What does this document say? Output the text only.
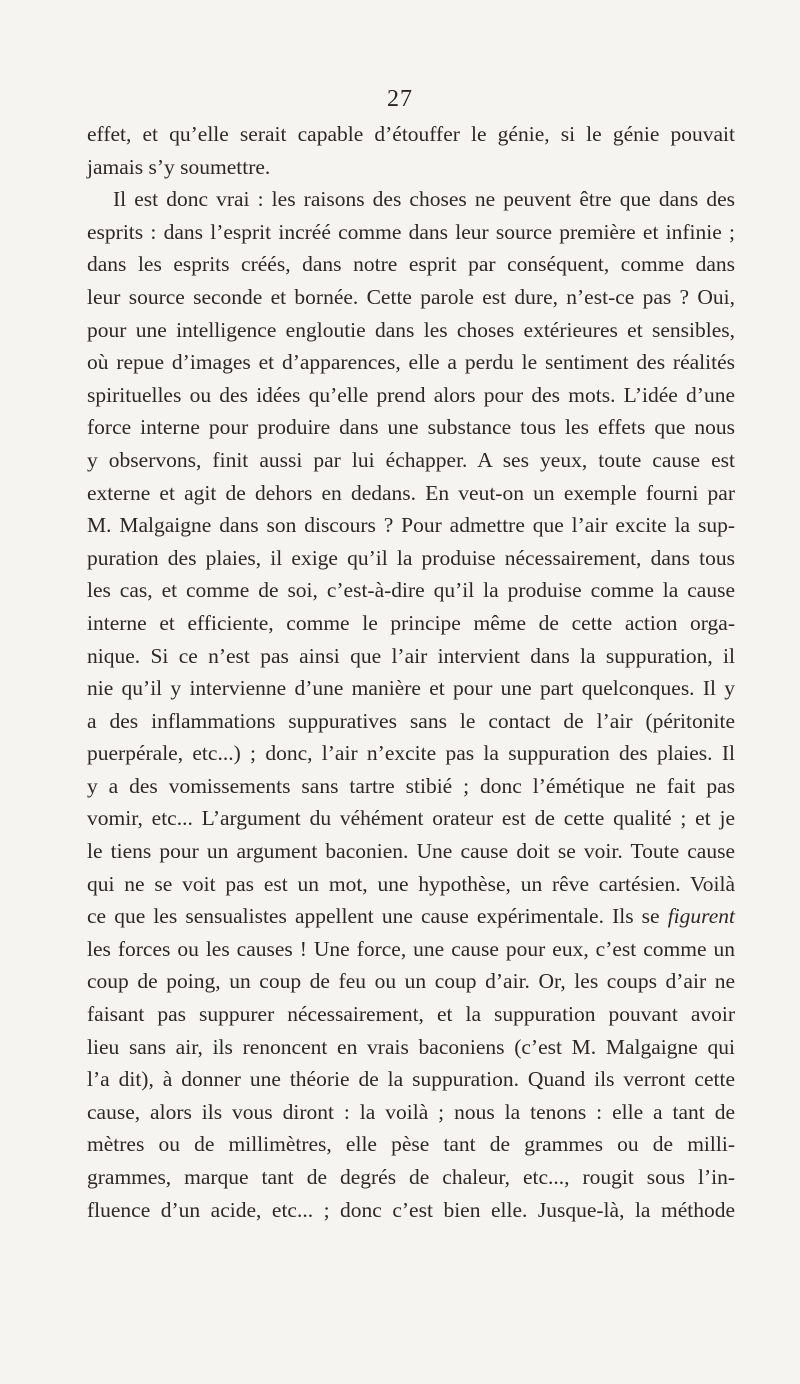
27
effet, et qu’elle serait capable d’étouffer le génie, si le génie pouvait
jamais s’y soumettre.
Il est donc vrai : les raisons des choses ne peuvent être que dans des
esprits : dans l’esprit incréé comme dans leur source première et infinie ;
dans les esprits créés, dans notre esprit par conséquent, comme dans
leur source seconde et bornée. Cette parole est dure, n’est-ce pas ? Oui,
pour une intelligence engloutie dans les choses extérieures et sensibles,
où repue d’images et d’apparences, elle a perdu le sentiment des réalités
spirituelles ou des idées qu’elle prend alors pour des mots. L’idée d’une
force interne pour produire dans une substance tous les effets que nous
y observons, finit aussi par lui échapper. A ses yeux, toute cause est
externe et agit de dehors en dedans. En veut-on un exemple fourni par
M. Malgaigne dans son discours ? Pour admettre que l’air excite la sup-
puration des plaies, il exige qu’il la produise nécessairement, dans tous
les cas, et comme de soi, c’est-à-dire qu’il la produise comme la cause
interne et efficiente, comme le principe même de cette action orga-
nique. Si ce n’est pas ainsi que l’air intervient dans la suppuration, il
nie qu’il y intervienne d’une manière et pour une part quelconques. Il y
a des inflammations suppuratives sans le contact de l’air (péritonite
puerpérale, etc...) ; donc, l’air n’excite pas la suppuration des plaies. Il
y a des vomissements sans tartre stibié ; donc l’émétique ne fait pas
vomir, etc... L’argument du véhément orateur est de cette qualité ; et je
le tiens pour un argument baconien. Une cause doit se voir. Toute cause
qui ne se voit pas est un mot, une hypothèse, un rêve cartésien. Voilà
ce que les sensualistes appellent une cause expérimentale. Ils se figurent
les forces ou les causes ! Une force, une cause pour eux, c’est comme un
coup de poing, un coup de feu ou un coup d’air. Or, les coups d’air ne
faisant pas suppurer nécessairement, et la suppuration pouvant avoir
lieu sans air, ils renoncent en vrais baconiens (c’est M. Malgaigne qui
l’a dit), à donner une théorie de la suppuration. Quand ils verront cette
cause, alors ils vous diront : la voilà ; nous la tenons : elle a tant de
mètres ou de millimètres, elle pèse tant de grammes ou de milli-
grammes, marque tant de degrés de chaleur, etc..., rougit sous l’in-
fluence d’un acide, etc... ; donc c’est bien elle. Jusque-là, la méthode
